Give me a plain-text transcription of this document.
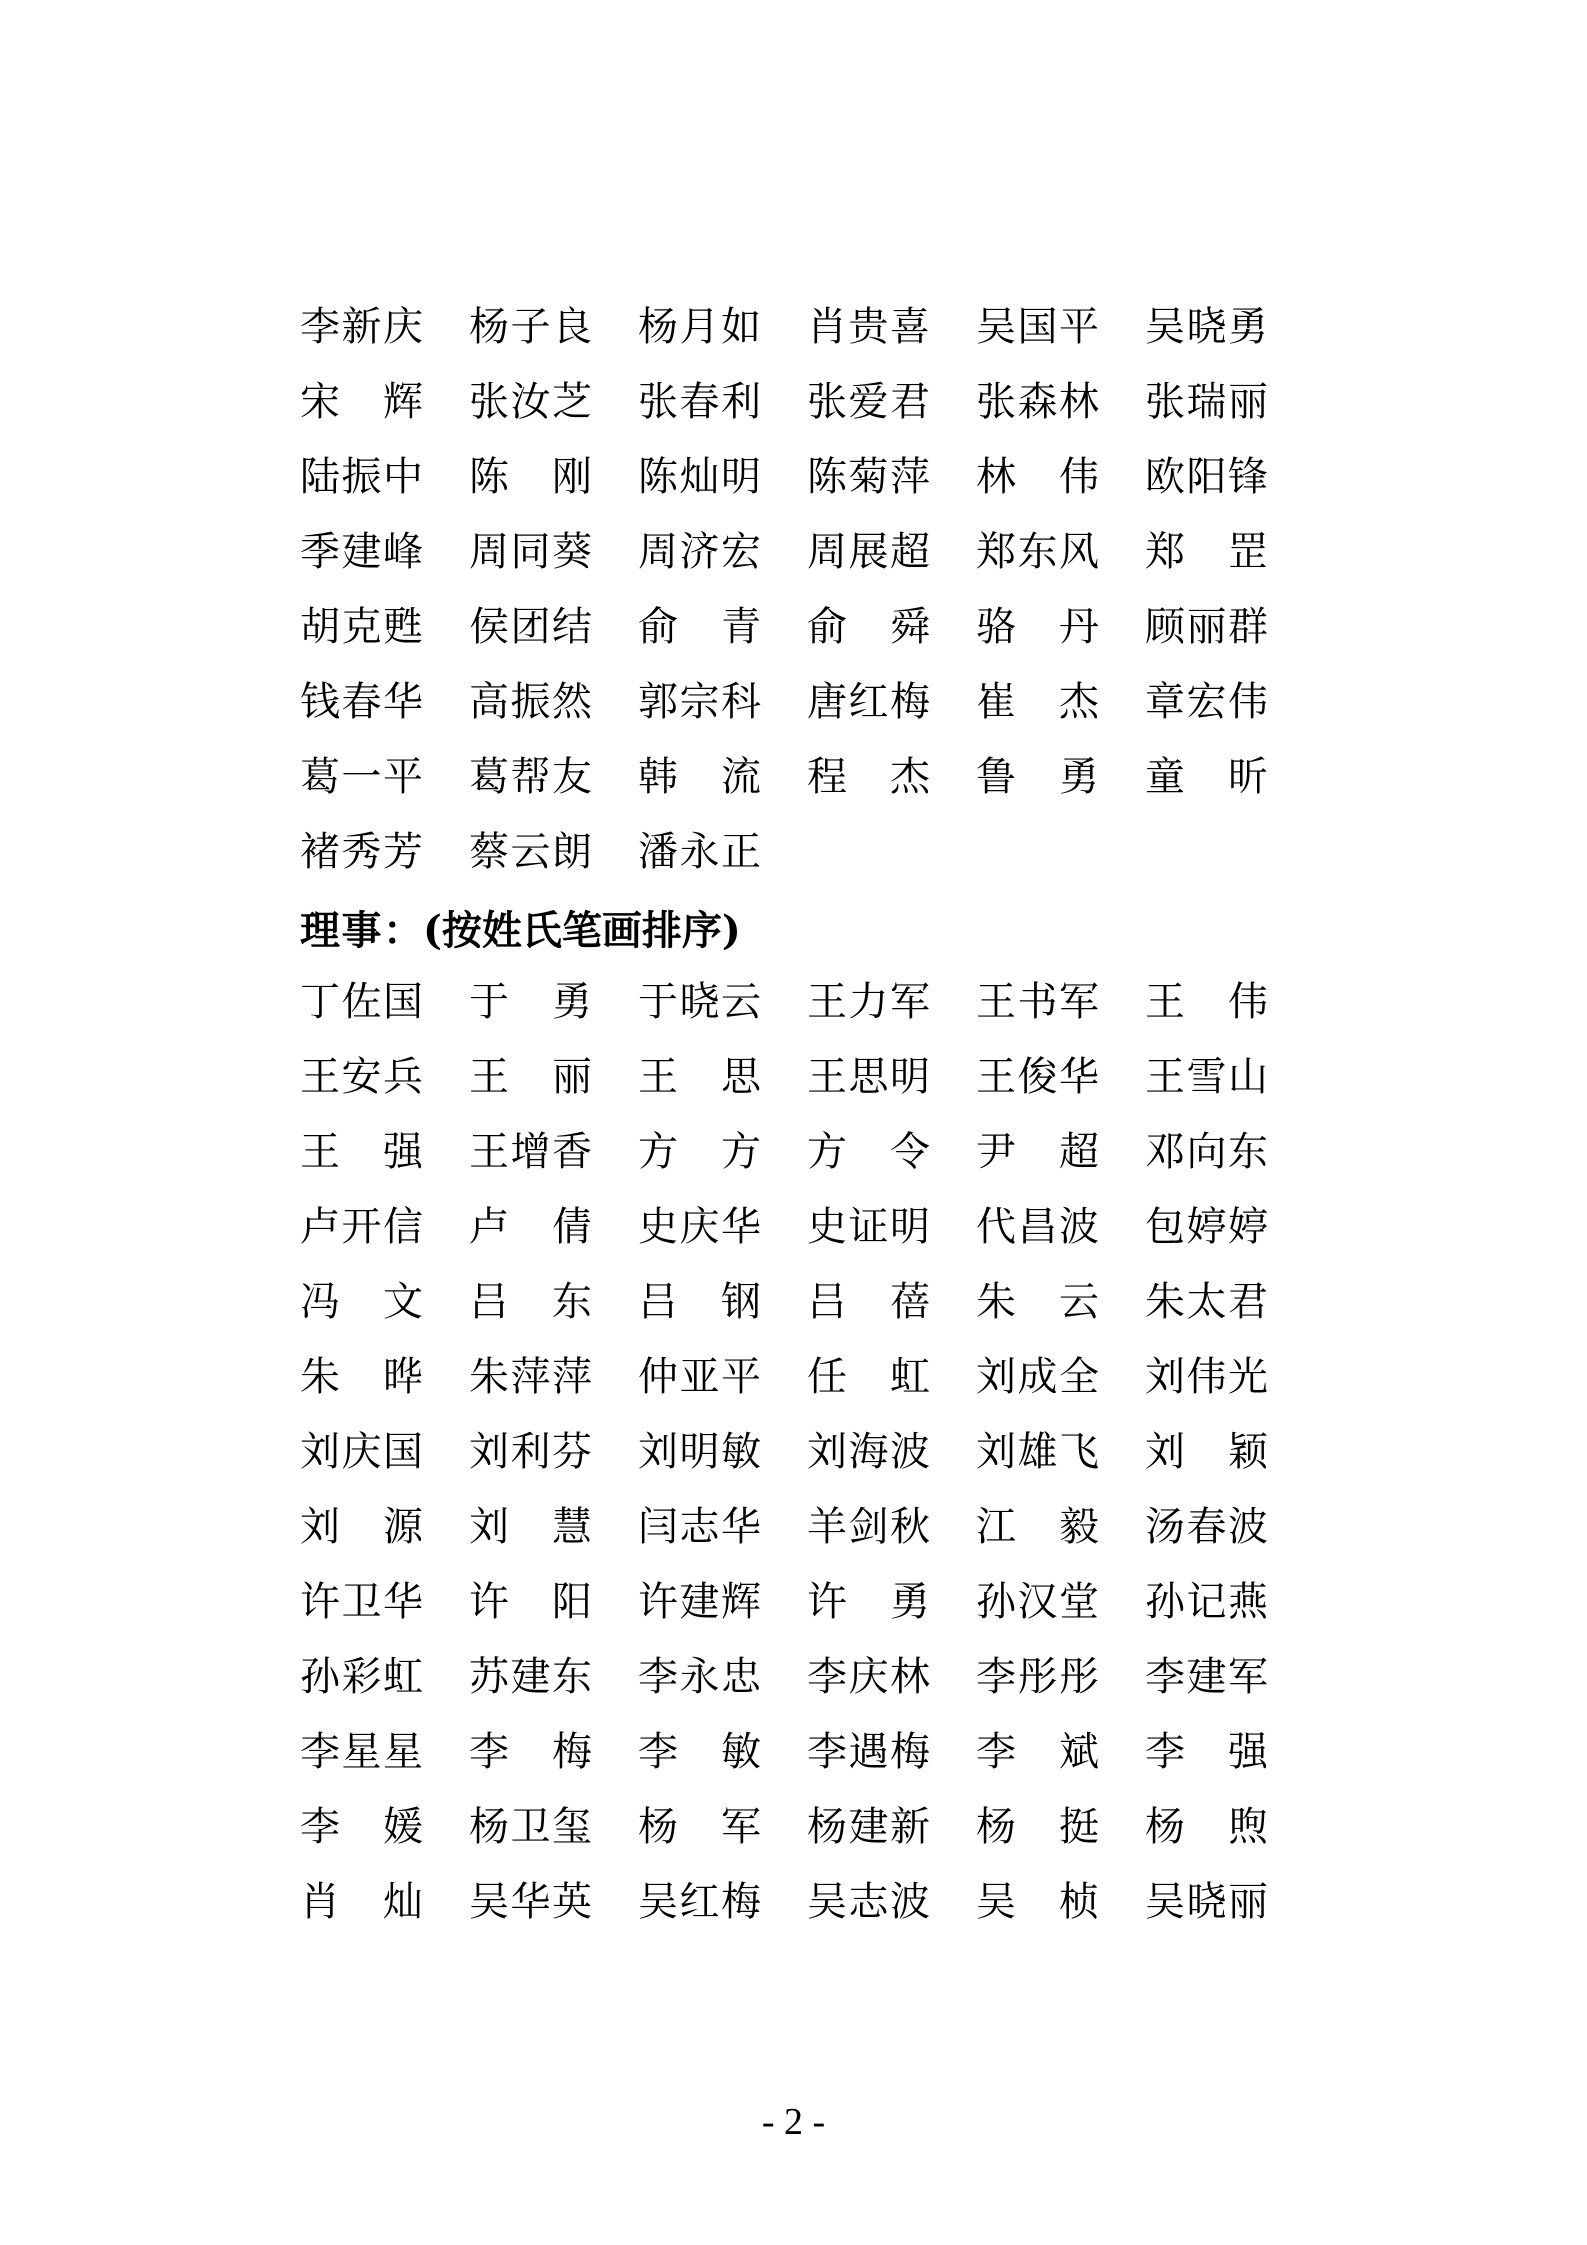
李 新 庆 杨 子 良 杨 月 如 肖 贵 喜 吴 国 平 吴 晓 勇
宋 辉 张 汝 芝 张 春 利 张 爱 君 张 森 林 张 瑞 丽
陆 振 中 陈 刚 陈 灿 明 陈 菊 萍 林 伟 欧 阳 锋
季 建 峰 周 同 葵 周 济 宏 周 展 超 郑 东 风 郑 罡
胡 克 甦 侯 团 结 俞 青 俞 舜 骆 丹 顾 丽 群
钱 春 华 高 振 然 郭 宗 科 唐 红 梅 崔 杰 章 宏 伟
葛 一 平 葛 帮 友 韩 流 程 杰 鲁 勇 童 昕
褚 秀 芳 蔡 云 朗 潘 永 正
理 事 ： (按姓氏笔画排序)
丁 佐 国 于 勇 于 晓 云 王 力 军 王 书 军 王 伟
王 安 兵 王 丽 王 思 王 思 明 王 俊 华 王 雪 山
王 强 王 增 香 方 方 方 令 尹 超 邓 向 东
卢 开 信 卢 倩 史 庆 华 史 证 明 代 昌 波 包 婷 婷
冯 文 吕 东 吕 钢 吕 蓓 朱 云 朱 太 君
朱 晔 朱 萍 萍 仲 亚 平 任 虹 刘 成 全 刘 伟 光
刘 庆 国 刘 利 芬 刘 明 敏 刘 海 波 刘 雄 飞 刘 颖
刘 源 刘 慧 闫 志 华 羊 剑 秋 江 毅 汤 春 波
许 卫 华 许 阳 许 建 辉 许 勇 孙 汉 堂 孙 记 燕
孙 彩 虹 苏 建 东 李 永 忠 李 庆 林 李 彤 彤 李 建 军
李 星 星 李 梅 李 敏 李 遇 梅 李 斌 李 强
李 媛 杨 卫 玺 杨 军 杨 建 新 杨 挺 杨 煦
肖 灿 吴 华 英 吴 红 梅 吴 志 波 吴 桢 吴 晓 丽
- 2 -
